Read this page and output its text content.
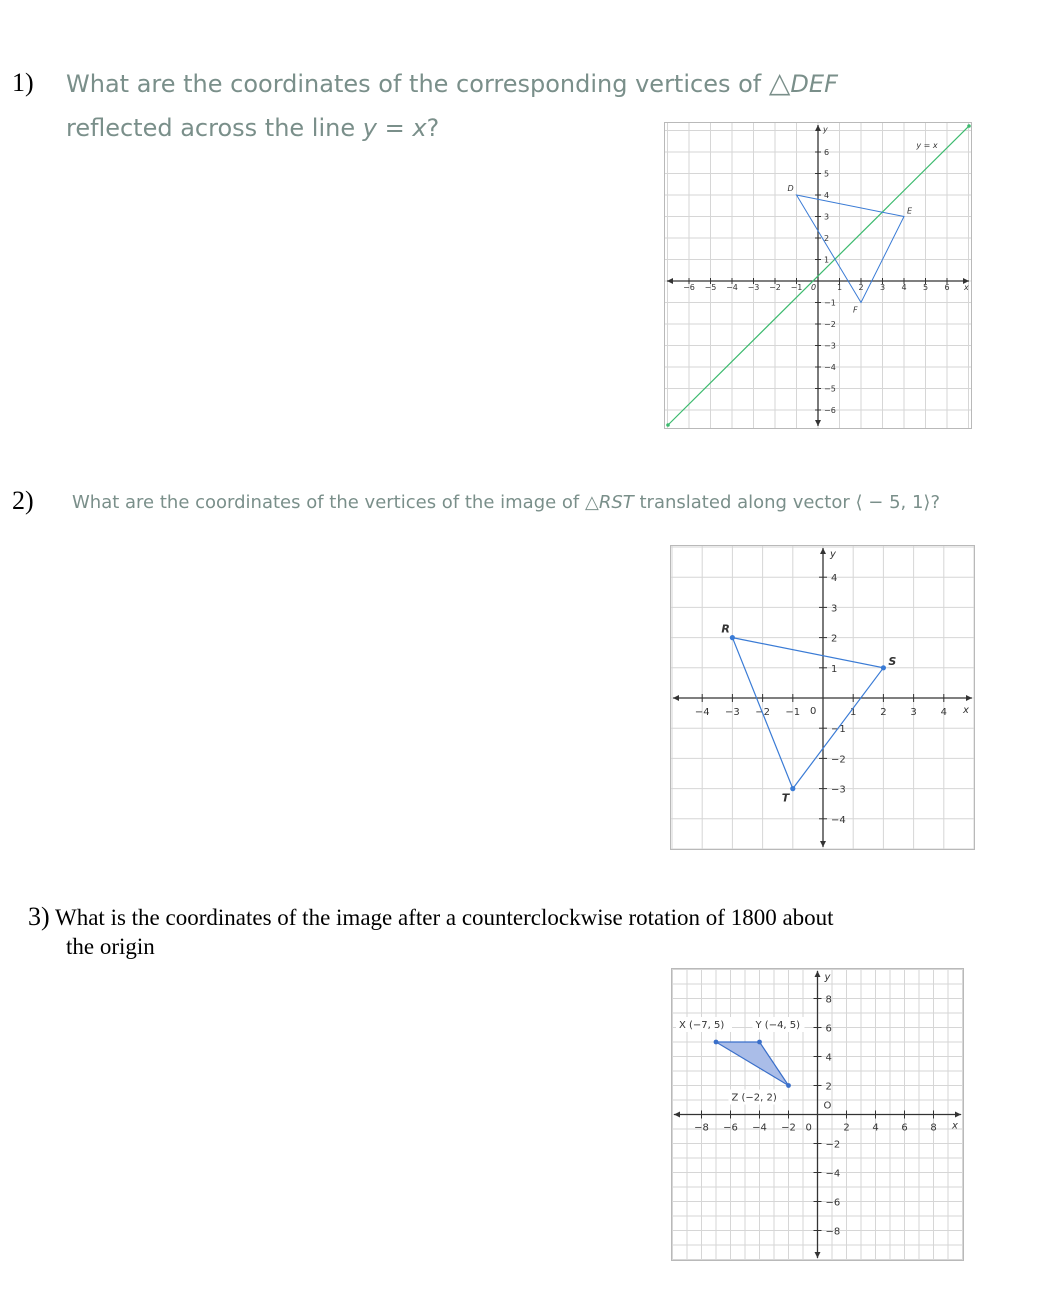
1) What are the coordinates of the corresponding vertices of △DEF
reflected across the line y = x?
−6 −5 −4 −3 −2 −1	1 2 3 4 5 6
6
5
4
3
2
1
−1
−2
−3
−4
−5
−6
0	x
y
y = x
D
E
F
2) What are the coordinates of the vertices of the image of △RST translated along vector ⟨ − 5, 1⟩?
−4 −3 −2 −1	1 2 3 4
4
3
2
1
−1
−2
−3
−4
0	x
y
R
S
T
3) What is the coordinates of the image after a counterclockwise rotation of 1800 about
the origin
−8 −6 −4 −2	2 4 6 8
8
6
4
2
−2
−4
−6
−8
0
O
x
y
X (−7, 5)	Y (−4, 5)
Z (−2, 2)
